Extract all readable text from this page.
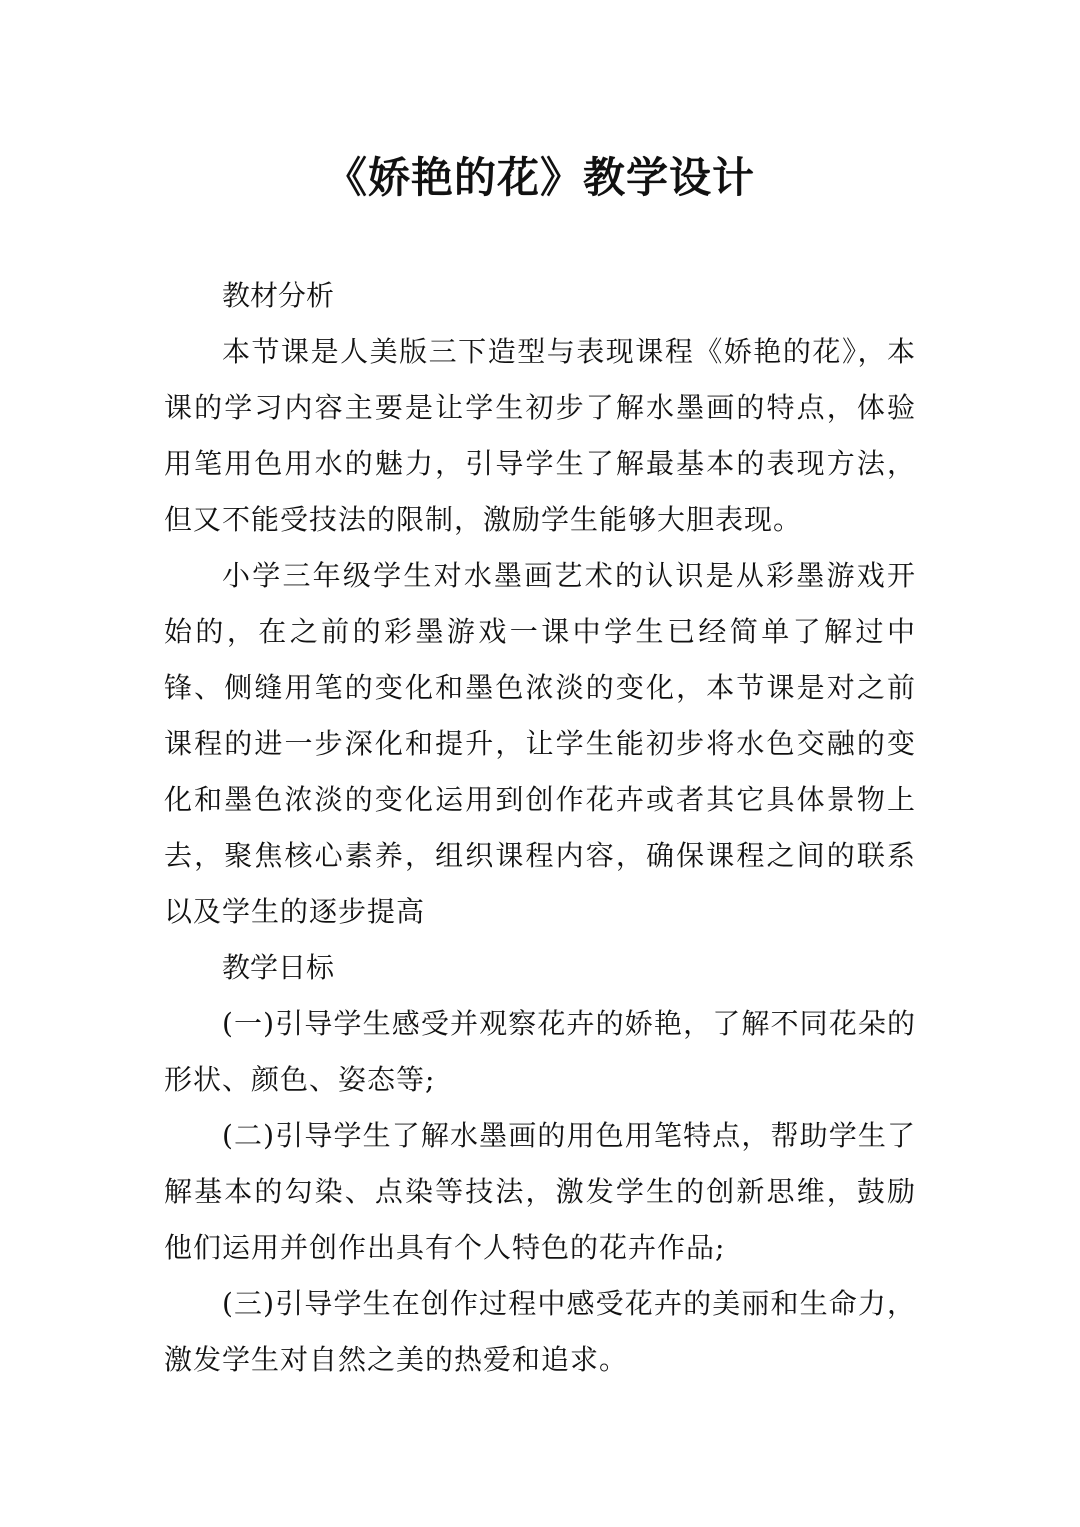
《娇艳的花》教学设计
教材分析

本节课是人美版三下造型与表现课程《娇艳的花》，本课的学习内容主要是让学生初步了解水墨画的特点，体验用笔用色用水的魅力，引导学生了解最基本的表现方法，但又不能受技法的限制，激励学生能够大胆表现。

小学三年级学生对水墨画艺术的认识是从彩墨游戏开始的，在之前的彩墨游戏一课中学生已经简单了解过中锋、侧缝用笔的变化和墨色浓淡的变化，本节课是对之前课程的进一步深化和提升，让学生能初步将水色交融的变化和墨色浓淡的变化运用到创作花卉或者其它具体景物上去，聚焦核心素养，组织课程内容，确保课程之间的联系以及学生的逐步提高

教学日标

(一)引导学生感受并观察花卉的娇艳，了解不同花朵的形状、颜色、姿态等;

(二)引导学生了解水墨画的用色用笔特点，帮助学生了解基本的勾染、点染等技法，激发学生的创新思维，鼓励他们运用并创作出具有个人特色的花卉作品;

(三)引导学生在创作过程中感受花卉的美丽和生命力，激发学生对自然之美的热爱和追求。
